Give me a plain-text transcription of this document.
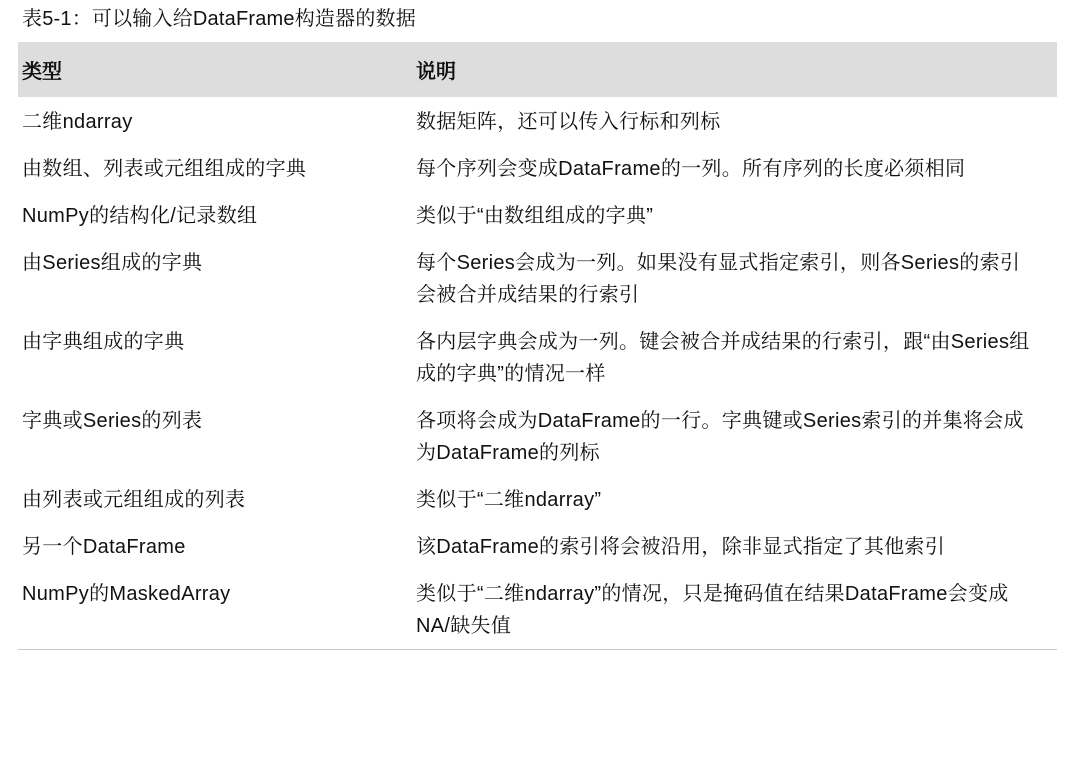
表5-1：可以输入给DataFrame构造器的数据
类型	说明

二维ndarray	数据矩阵，还可以传入行标和列标
由数组、列表或元组组成的字典	每个序列会变成DataFrame的一列。所有序列的长度必须相同
NumPy的结构化/记录数组	类似于“由数组组成的字典”
由Series组成的字典	每个Series会成为一列。如果没有显式指定索引，则各Series的索引会被合并成结果的行索引
由字典组成的字典	各内层字典会成为一列。键会被合并成结果的行索引，跟“由Series组成的字典”的情况一样
字典或Series的列表	各项将会成为DataFrame的一行。字典键或Series索引的并集将会成为DataFrame的列标
由列表或元组组成的列表	类似于“二维ndarray”
另一个DataFrame	该DataFrame的索引将会被沿用，除非显式指定了其他索引
NumPy的MaskedArray	类似于“二维ndarray”的情况，只是掩码值在结果DataFrame会变成NA/缺失值
